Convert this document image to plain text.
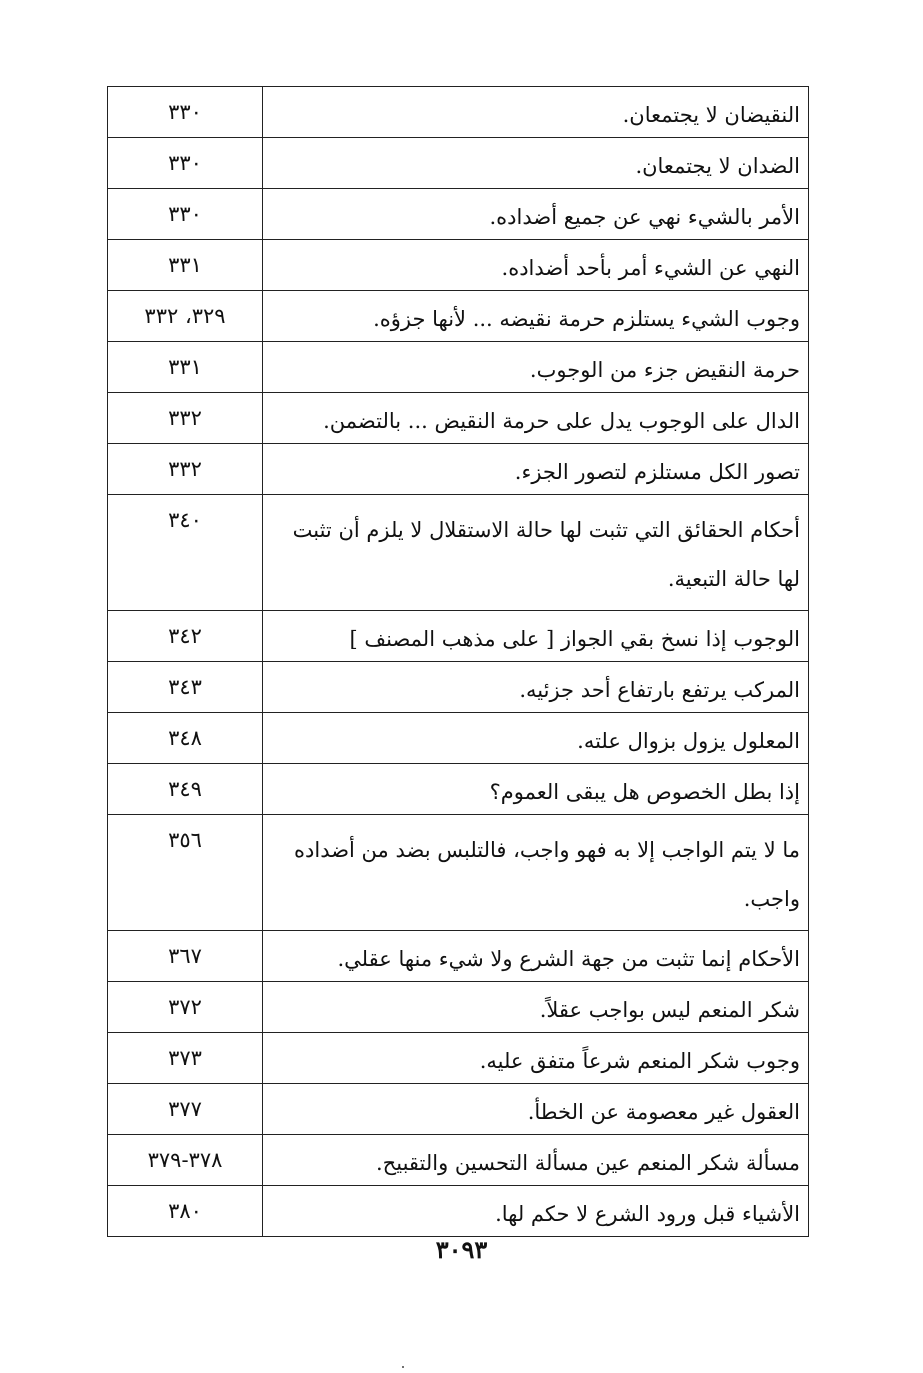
النقيضان لا يجتمعان.	٣٣٠
الضدان لا يجتمعان.	٣٣٠
الأمر بالشيء نهي عن جميع أضداده.	٣٣٠
النهي عن الشيء أمر بأحد أضداده.	٣٣١
وجوب الشيء يستلزم حرمة نقيضه ... لأنها جزؤه.	٣٢٩، ٣٣٢
حرمة النقيض جزء من الوجوب.	٣٣١
الدال على الوجوب يدل على حرمة النقيض ... بالتضمن.	٣٣٢
تصور الكل مستلزم لتصور الجزء.	٣٣٢
أحكام الحقائق التي تثبت لها حالة الاستقلال لا يلزم أن تثبت لها حالة التبعية.	٣٤٠
الوجوب إذا نسخ بقي الجواز [ على مذهب المصنف ]	٣٤٢
المركب يرتفع بارتفاع أحد جزئيه.	٣٤٣
المعلول يزول بزوال علته.	٣٤٨
إذا بطل الخصوص هل يبقى العموم؟	٣٤٩
ما لا يتم الواجب إلا به فهو واجب، فالتلبس بضد من أضداده واجب.	٣٥٦
الأحكام إنما تثبت من جهة الشرع ولا شيء منها عقلي.	٣٦٧
شكر المنعم ليس بواجب عقلاً.	٣٧٢
وجوب شكر المنعم شرعاً متفق عليه.	٣٧٣
العقول غير معصومة عن الخطأ.	٣٧٧
مسألة شكر المنعم عين مسألة التحسين والتقبيح.	٣٧٨-٣٧٩
الأشياء قبل ورود الشرع لا حكم لها.	٣٨٠
٣٠٩٣
